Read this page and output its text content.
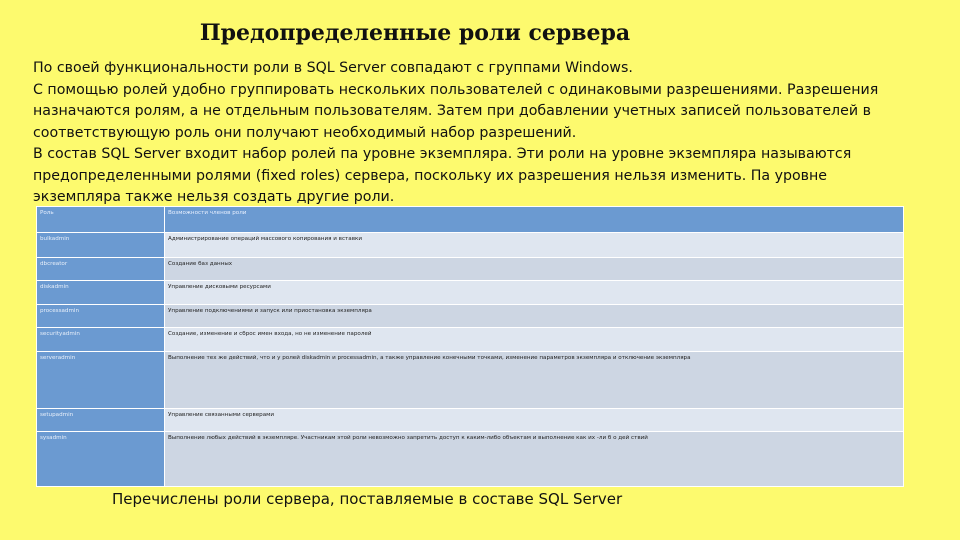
Предопределенные роли сервера
По своей функциональности роли в SQL Server совпадают с группами Windows.
С помощью ролей удобно группировать нескольких пользователей с одинаковыми разрешениями. Разрешения
назначаются ролям, а не отдельным пользователям. Затем при добавлении учетных записей пользователей в
соответствующую роль они получают необходимый набор разрешений.
В состав SQL Server входит набор ролей па уровне экземпляра. Эти роли на уровне экземпляра называются
предопределенными ролями (fixed roles) сервера, поскольку их разрешения нельзя изменить. Па уровне
экземпляра также нельзя создать другие роли.
Роль	Возможности членов роли
bulkadmin	Администрирование операций массового копирования и вставки
dbcreator	Создание баз данных
diskadmin	Управление дисковыми ресурсами
processadmin	Управление подключениями и запуск или приостановка экземпляра
securityadmin	Создание, изменение и сброс имен входа, но не изменение паролей
serveradmin	Выполнение тех же действий, что и у ролей diskadmin и processadmin, а также управление конечными точками, изменение параметров экземпляра и отключение экземпляра
setupadmin	Управление связанными серверами
sysadmin	Выполнение любых действий в экземпляре. Участникам этой роли невозможно запретить доступ к каким-либо объектам и выполнение как их -ли б о дей ствий
Перечислены роли сервера, поставляемые в составе SQL Server
